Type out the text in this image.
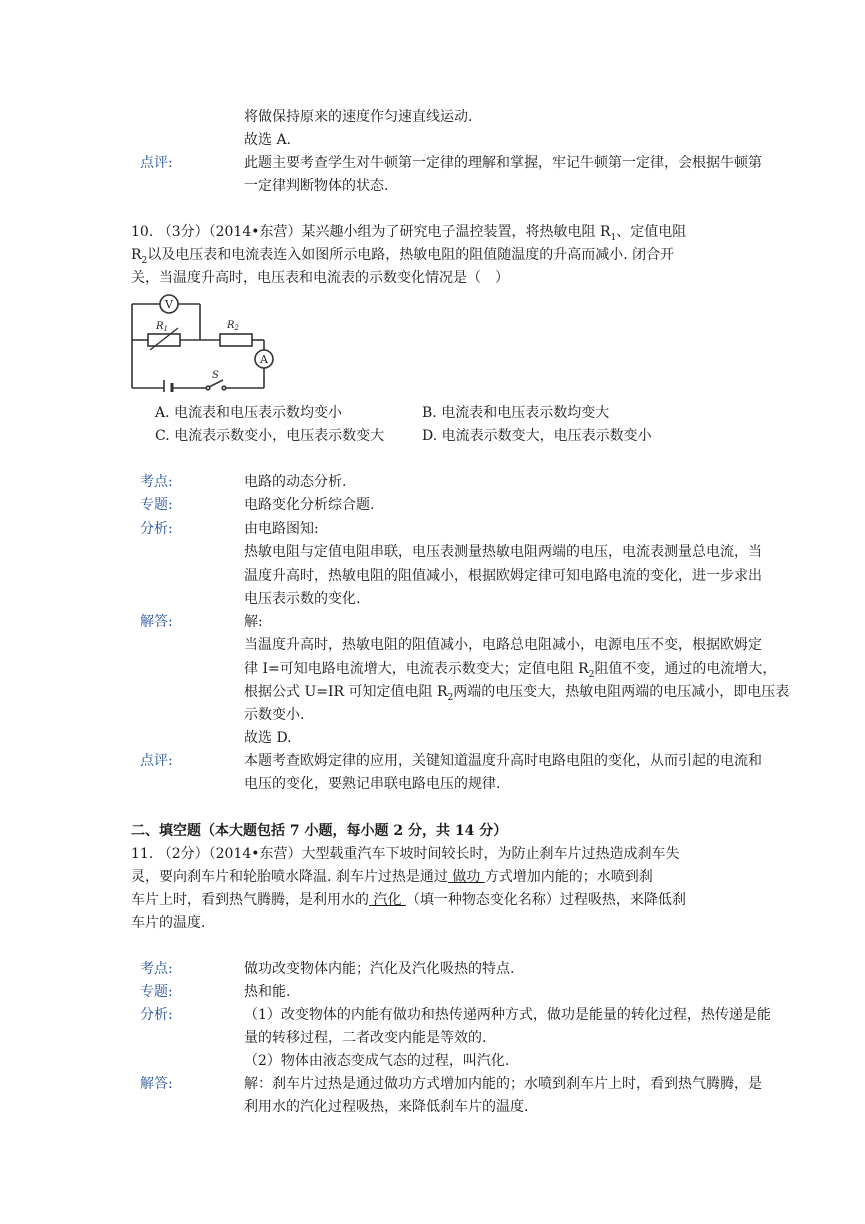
将做保持原来的速度作匀速直线运动.
故选 A.
点评:	此题主要考查学生对牛顿第一定律的理解和掌握，牢记牛顿第一定律，会根据牛顿第
一定律判断物体的状态.
10. （3分）（2014•东营）某兴趣小组为了研究电子温控装置，将热敏电阻 $R_1$、定值电阻
$R_2$以及电压表和电流表连入如图所示电路，热敏电阻的阻值随温度的升高而减小. 闭合开
关，当温度升高时，电压表和电流表的示数变化情况是（　）
V
$R_1$	$R_2$
A
S
A. 电流表和电压表示数均变小	B. 电流表和电压表示数均变大
C. 电流表示数变小，电压表示数变大	D. 电流表示数变大，电压表示数变小
考点:	电路的动态分析.
专题:	电路变化分析综合题.
分析:	由电路图知:
热敏电阻与定值电阻串联，电压表测量热敏电阻两端的电压，电流表测量总电流，当
温度升高时，热敏电阻的阻值减小，根据欧姆定律可知电路电流的变化，进一步求出
电压表示数的变化.
解答:	解:
当温度升高时，热敏电阻的阻值减小，电路总电阻减小，电源电压不变，根据欧姆定
律 I=可知电路电流增大，电流表示数变大；定值电阻 $R_2$阻值不变，通过的电流增大，
根据公式 U=IR 可知定值电阻 $R_2$两端的电压变大，热敏电阻两端的电压减小，即电压表
示数变小.
故选 D.
点评:	本题考查欧姆定律的应用，关键知道温度升高时电路电阻的变化，从而引起的电流和
电压的变化，要熟记串联电路电压的规律.
二、填空题（本大题包括 7 小题，每小题 2 分，共 14 分）
11. （2分）（2014•东营）大型载重汽车下坡时间较长时，为防止刹车片过热造成刹车失
灵，要向刹车片和轮胎喷水降温. 刹车片过热是通过 做功 方式增加内能的；水喷到刹
车片上时，看到热气腾腾，是利用水的 汽化 （填一种物态变化名称）过程吸热，来降低刹
车片的温度.
考点:	做功改变物体内能；汽化及汽化吸热的特点.
专题:	热和能.
分析:	（1）改变物体的内能有做功和热传递两种方式，做功是能量的转化过程，热传递是能
量的转移过程，二者改变内能是等效的.
（2）物体由液态变成气态的过程，叫汽化.
解答:	解：刹车片过热是通过做功方式增加内能的；水喷到刹车片上时，看到热气腾腾，是
利用水的汽化过程吸热，来降低刹车片的温度.
